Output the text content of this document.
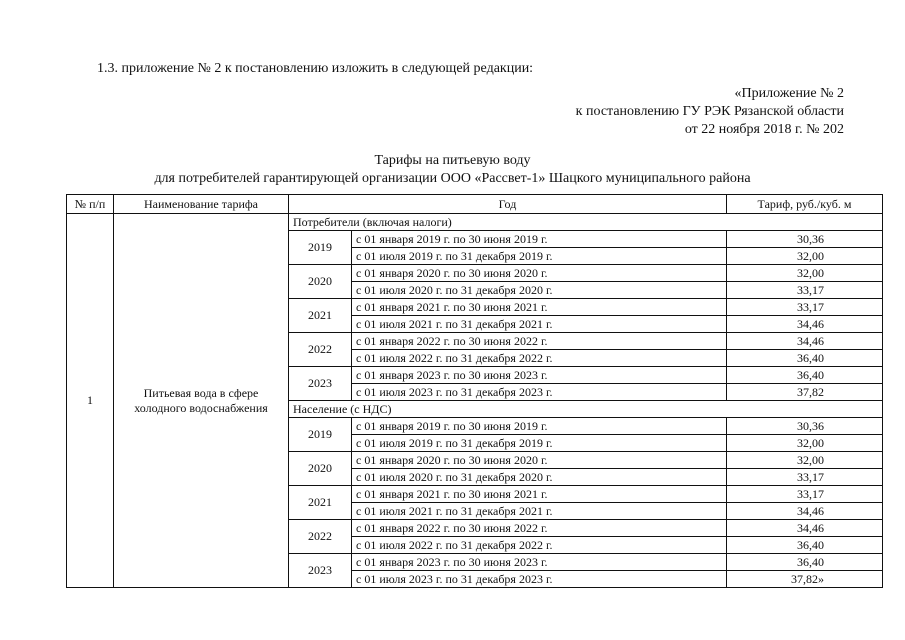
1.3. приложение № 2 к постановлению изложить в следующей редакции:
«Приложение № 2
к постановлению ГУ РЭК Рязанской области
от 22 ноября 2018 г. № 202
Тарифы на питьевую воду
для потребителей гарантирующей организации ООО «Рассвет-1» Шацкого муниципального района
№ п/п	Наименование тарифа	Год		Тариф, руб./куб. м
1	Питьевая вода в сфере холодного водоснабжения	Потребители (включая налоги)		
		2019	с 01 января 2019 г. по 30 июня 2019 г.	30,36
			с 01 июля 2019 г. по 31 декабря 2019 г.	32,00
		2020	с 01 января 2020 г. по 30 июня 2020 г.	32,00
			с 01 июля 2020 г. по 31 декабря 2020 г.	33,17
		2021	с 01 января 2021 г. по 30 июня 2021 г.	33,17
			с 01 июля 2021 г. по 31 декабря 2021 г.	34,46
		2022	с 01 января 2022 г. по 30 июня 2022 г.	34,46
			с 01 июля 2022 г. по 31 декабря 2022 г.	36,40
		2023	с 01 января 2023 г. по 30 июня 2023 г.	36,40
			с 01 июля 2023 г. по 31 декабря 2023 г.	37,82
		Население (с НДС)		
		2019	с 01 января 2019 г. по 30 июня 2019 г.	30,36
			с 01 июля 2019 г. по 31 декабря 2019 г.	32,00
		2020	с 01 января 2020 г. по 30 июня 2020 г.	32,00
			с 01 июля 2020 г. по 31 декабря 2020 г.	33,17
		2021	с 01 января 2021 г. по 30 июня 2021 г.	33,17
			с 01 июля 2021 г. по 31 декабря 2021 г.	34,46
		2022	с 01 января 2022 г. по 30 июня 2022 г.	34,46
			с 01 июля 2022 г. по 31 декабря 2022 г.	36,40
		2023	с 01 января 2023 г. по 30 июня 2023 г.	36,40
			с 01 июля 2023 г. по 31 декабря 2023 г.	37,82»
